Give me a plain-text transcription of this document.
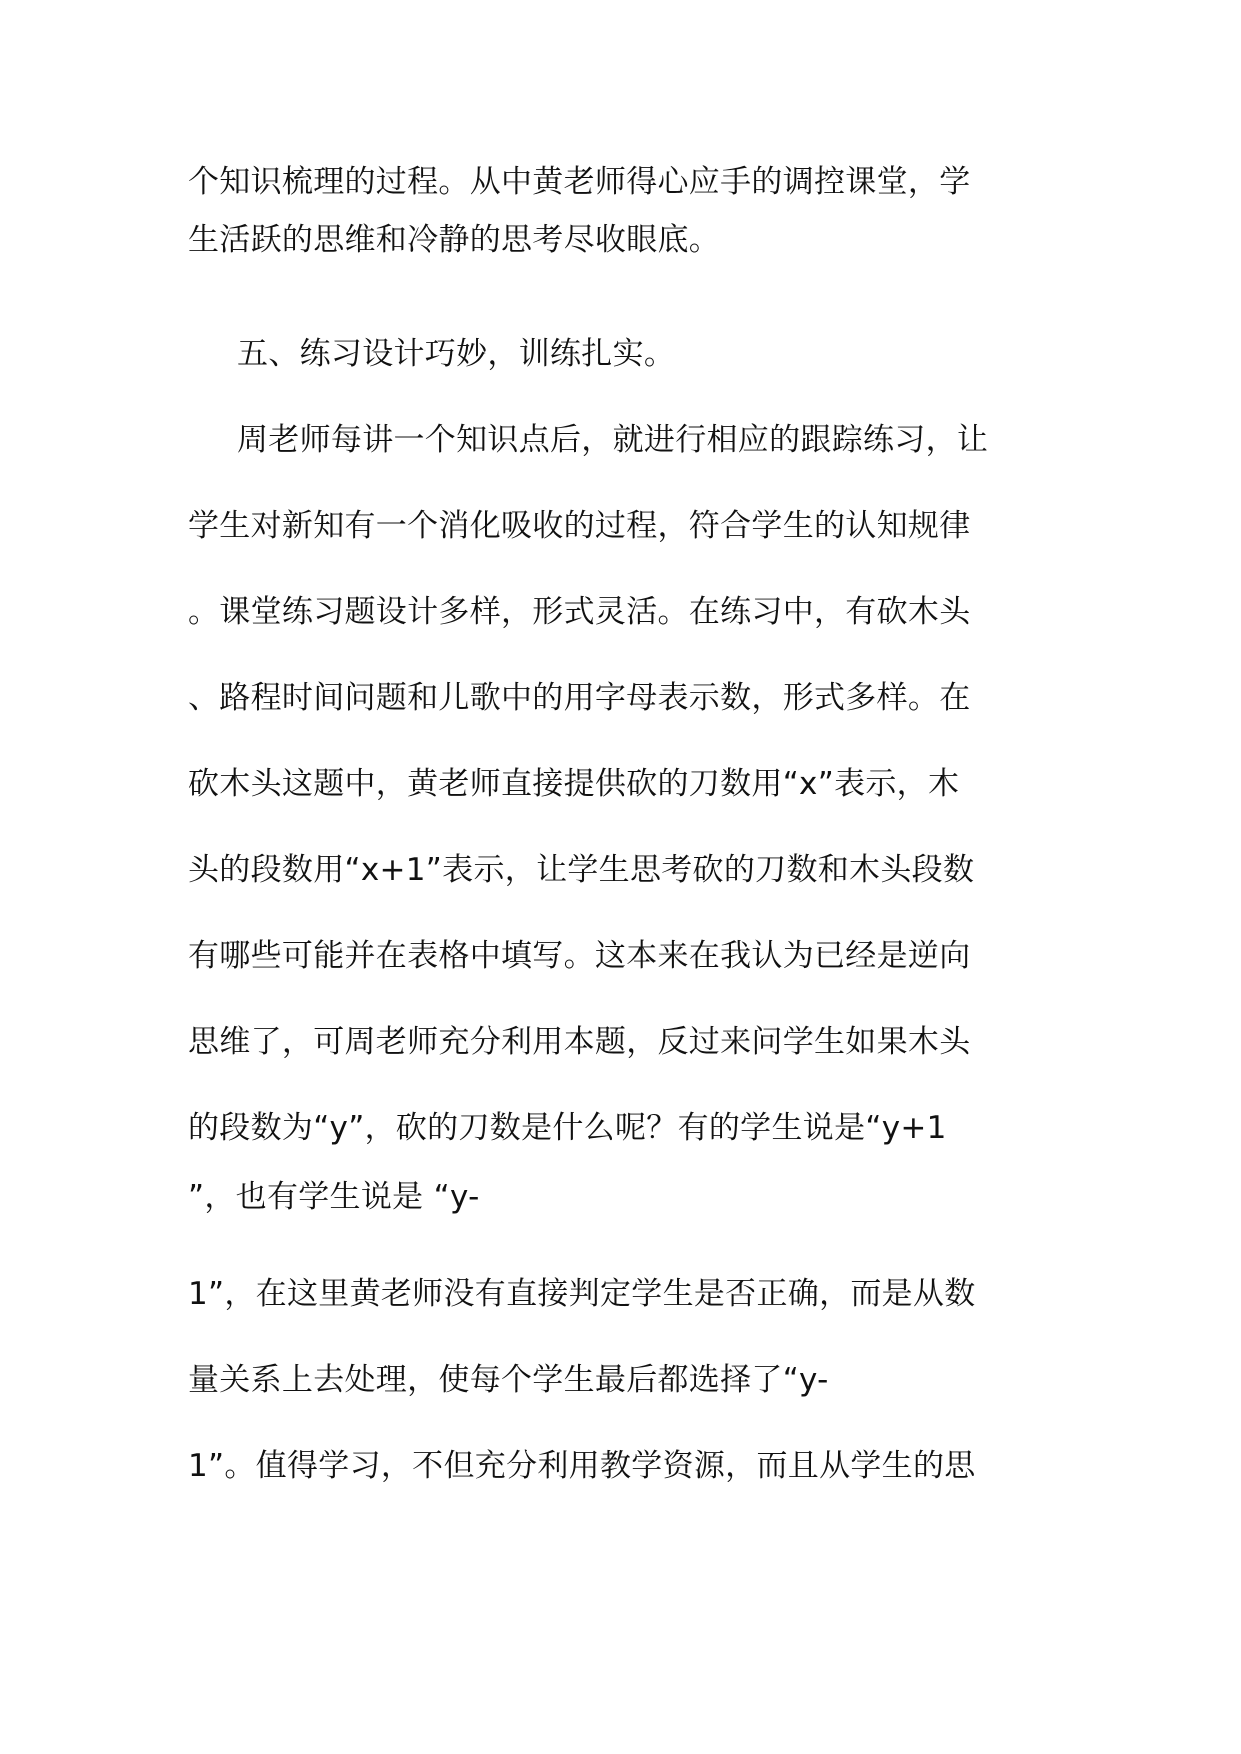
个知识梳理的过程。从中黄老师得心应手的调控课堂，学
生活跃的思维和冷静的思考尽收眼底。
五、练习设计巧妙，训练扎实。
周老师每讲一个知识点后，就进行相应的跟踪练习，让
学生对新知有一个消化吸收的过程，符合学生的认知规律
。课堂练习题设计多样，形式灵活。在练习中，有砍木头
、路程时间问题和儿歌中的用字母表示数，形式多样。在
砍木头这题中，黄老师直接提供砍的刀数用“x”表示，木
头的段数用“x+1”表示，让学生思考砍的刀数和木头段数
有哪些可能并在表格中填写。这本来在我认为已经是逆向
思维了，可周老师充分利用本题，反过来问学生如果木头
的段数为“y”，砍的刀数是什么呢？有的学生说是“y+1
”，也有学生说是 “y-
1”，在这里黄老师没有直接判定学生是否正确，而是从数
量关系上去处理，使每个学生最后都选择了“y-
1”。值得学习，不但充分利用教学资源，而且从学生的思
